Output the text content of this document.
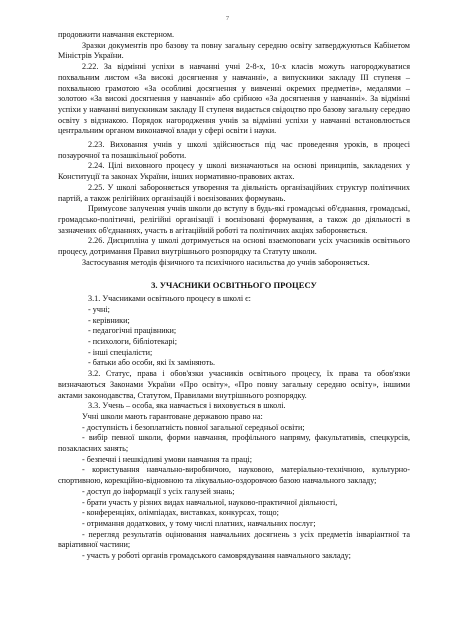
7

продовжити навчання екстерном.

Зразки документів про базову та повну загальну середню освіту затверджуються Кабінетом Міністрів України.

2.22. За відмінні успіхи в навчанні учні 2-8-х, 10-х класів можуть нагороджуватися похвальним листом «За високі досягнення у навчанні», а випускники закладу ІІІ ступеня – похвальною грамотою «За особливі досягнення у вивченні окремих предметів», медалями – золотою «За високі досягнення у навчанні» або срібною «За досягнення у навчанні». За відмінні успіхи у навчанні випускникам закладу ІІ ступеня видається свідоцтво про базову загальну середню освіту з відзнакою. Порядок нагородження учнів за відмінні успіхи у навчанні встановлюється центральним органом виконавчої влади у сфері освіти і науки.

2.23. Виховання учнів у школі здійснюється під час проведення уроків, в процесі позаурочної та позашкільної роботи.

2.24. Цілі виховного процесу у школі визначаються на основі принципів, закладених у Конституції та законах України, інших нормативно-правових актах.

2.25. У школі забороняється утворення та діяльність організаційних структур політичних партій, а також релігійних організацій і воєнізованих формувань.

Примусове залучення учнів школи до вступу в будь-які громадські об'єднання, громадські, громадсько-політичні, релігійні організації і воєнізовані формування, а також до діяльності в зазначених об'єднаннях, участь в агітаційній роботі та політичних акціях забороняється.

2.26. Дисципліна у школі дотримується на основі взаємоповаги усіх учасників освітнього процесу, дотримання Правил внутрішнього розпорядку та Статуту школи.

Застосування методів фізичного та психічного насильства до учнів забороняється.

3. УЧАСНИКИ ОСВІТНЬОГО ПРОЦЕСУ

3.1. Учасниками освітнього процесу в школі є:

- учні;

- керівники;

- педагогічні працівники;

- психологи, бібліотекарі;

- інші спеціалісти;

- батьки або особи, які їх заміняють.

3.2. Статус, права і обов'язки учасників освітнього процесу, їх права та обов'язки визначаються Законами України «Про освіту», «Про повну загальну середню освіту», іншими актами законодавства, Статутом, Правилами внутрішнього розпорядку.

3.3. Учень – особа, яка навчається і виховується в школі.

Учні школи мають гарантоване державою право на:

- доступність і безоплатність повної загальної середньої освіти;

- вибір певної школи, форми навчання, профільного напряму, факультативів, спецкурсів, позакласних занять;

- безпечні і нешкідливі умови навчання та праці;

- користування навчально-виробничою, науковою, матеріально-технічною, культурно-спортивною, корекційно-відновною та лікувально-оздоровчою базою навчального закладу;

- доступ до інформації з усіх галузей знань;

- брати участь у різних видах навчальної, науково-практичної діяльності,

- конференціях, олімпіадах, виставках, конкурсах, тощо;

- отримання додаткових, у тому числі платних, навчальних послуг;

- перегляд результатів оцінювання навчальних досягнень з усіх предметів інваріантної та варіативної частини;

- участь у роботі органів громадського самоврядування навчального закладу;
